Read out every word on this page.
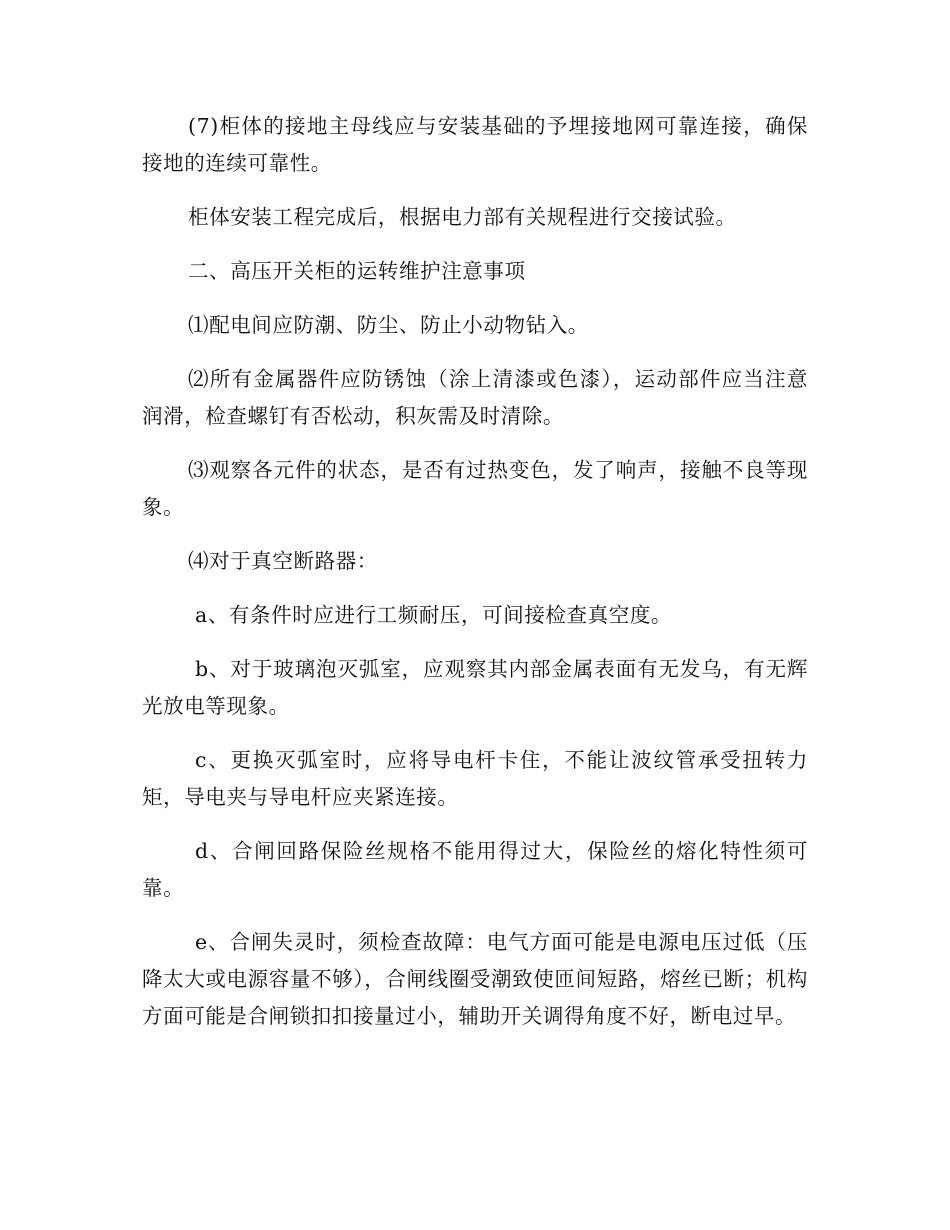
(7)柜体的接地主母线应与安装基础的予埋接地网可靠连接，确保接地的连续可靠性。

柜体安装工程完成后，根据电力部有关规程进行交接试验。

二、高压开关柜的运转维护注意事项

⑴配电间应防潮、防尘、防止小动物钻入。

⑵所有金属器件应防锈蚀（涂上清漆或色漆），运动部件应当注意润滑，检查螺钉有否松动，积灰需及时清除。

⑶观察各元件的状态，是否有过热变色，发了响声，接触不良等现象。

⑷对于真空断路器：

a、有条件时应进行工频耐压，可间接检查真空度。

b、对于玻璃泡灭弧室，应观察其内部金属表面有无发乌，有无辉光放电等现象。

c、更换灭弧室时，应将导电杆卡住，不能让波纹管承受扭转力矩，导电夹与导电杆应夹紧连接。

d、合闸回路保险丝规格不能用得过大，保险丝的熔化特性须可靠。

e、合闸失灵时，须检查故障：电气方面可能是电源电压过低（压降太大或电源容量不够），合闸线圈受潮致使匝间短路，熔丝已断；机构方面可能是合闸锁扣扣接量过小，辅助开关调得角度不好，断电过早。
